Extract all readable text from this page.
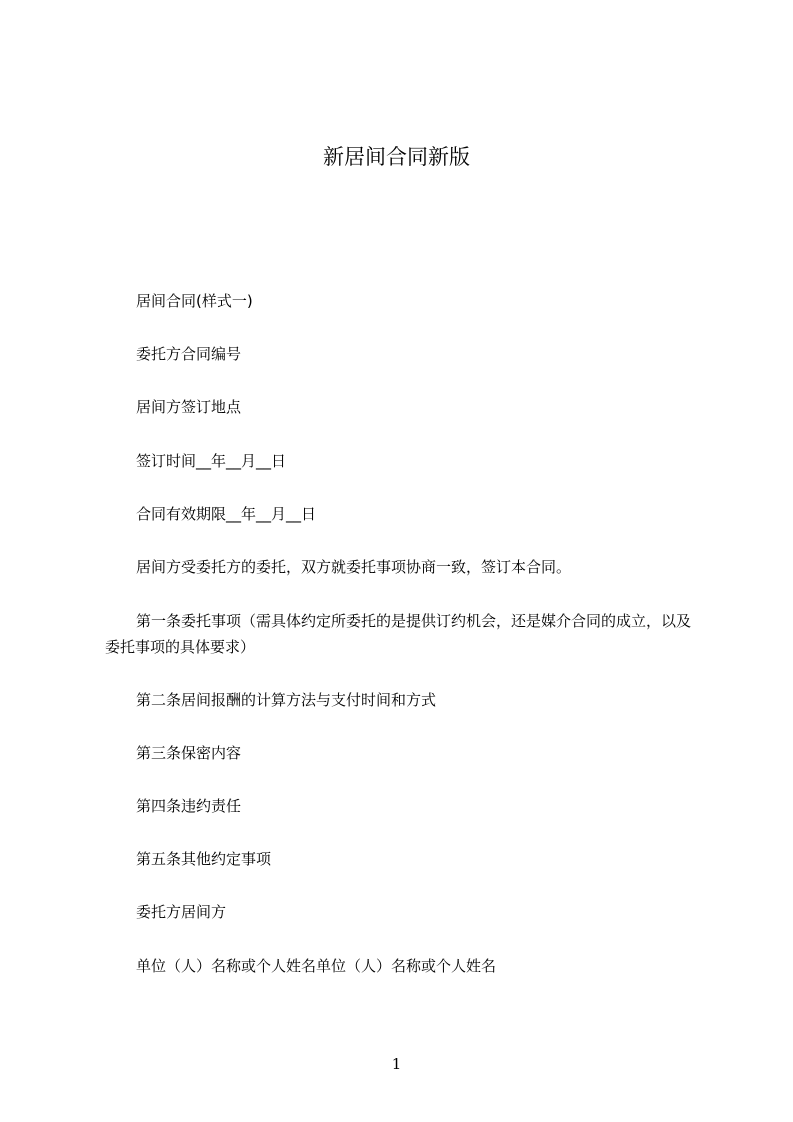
新居间合同新版

居间合同(样式一)

委托方合同编号

居间方签订地点

签订时间__年__月__日

合同有效期限__年__月__日

居间方受委托方的委托，双方就委托事项协商一致，签订本合同。

第一条委托事项（需具体约定所委托的是提供订约机会，还是媒介合同的成立，以及委托事项的具体要求）

第二条居间报酬的计算方法与支付时间和方式

第三条保密内容

第四条违约责任

第五条其他约定事项

委托方居间方

单位（人）名称或个人姓名单位（人）名称或个人姓名

1
